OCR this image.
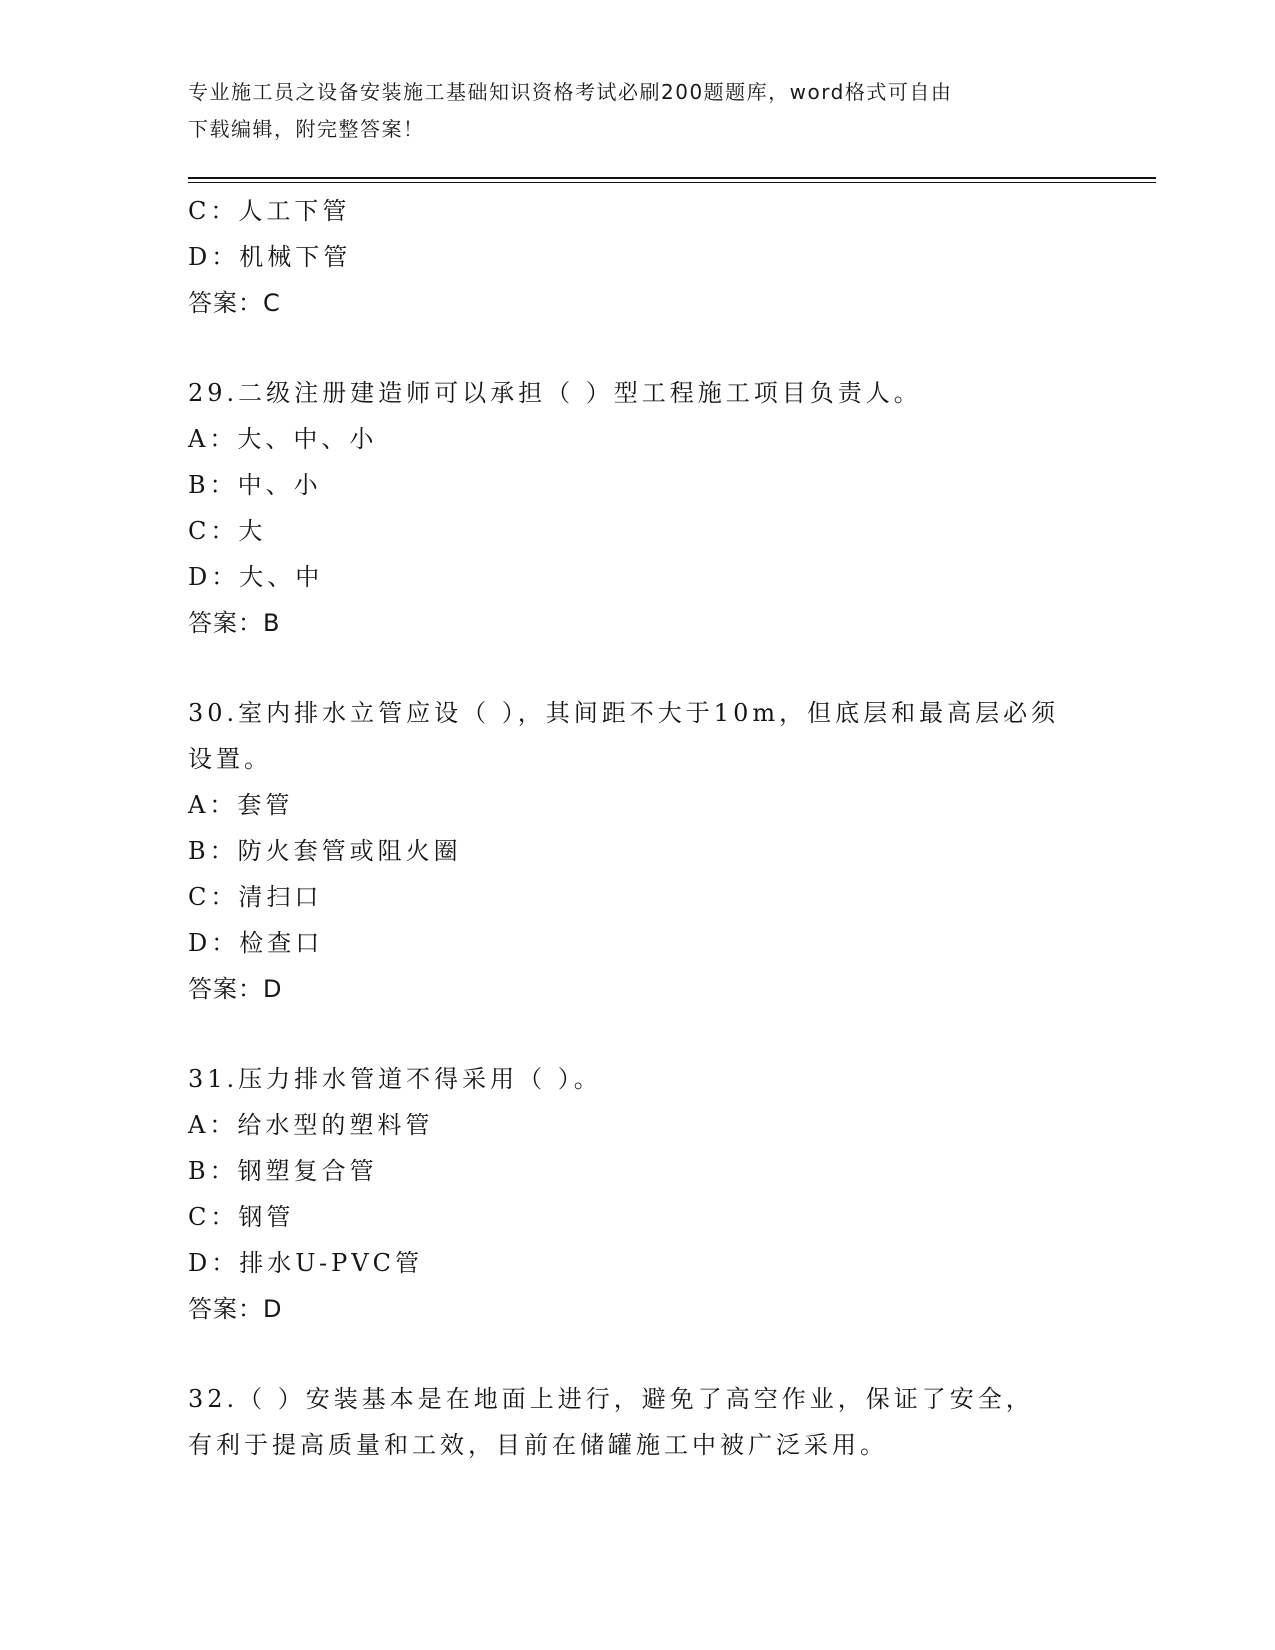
专业施工员之设备安装施工基础知识资格考试必刷200题题库，word格式可自由
下载编辑，附完整答案！
C：人工下管
D：机械下管
答案：C
29.二级注册建造师可以承担（ ）型工程施工项目负责人。
A：大、中、小
B：中、小
C：大
D：大、中
答案：B
30.室内排水立管应设（ ），其间距不大于10m，但底层和最高层必须
设置。
A：套管
B：防火套管或阻火圈
C：清扫口
D：检查口
答案：D
31.压力排水管道不得采用（ ）。
A：给水型的塑料管
B：钢塑复合管
C：钢管
D：排水U-PVC管
答案：D
32.（ ）安装基本是在地面上进行，避免了高空作业，保证了安全，
有利于提高质量和工效，目前在储罐施工中被广泛采用。
